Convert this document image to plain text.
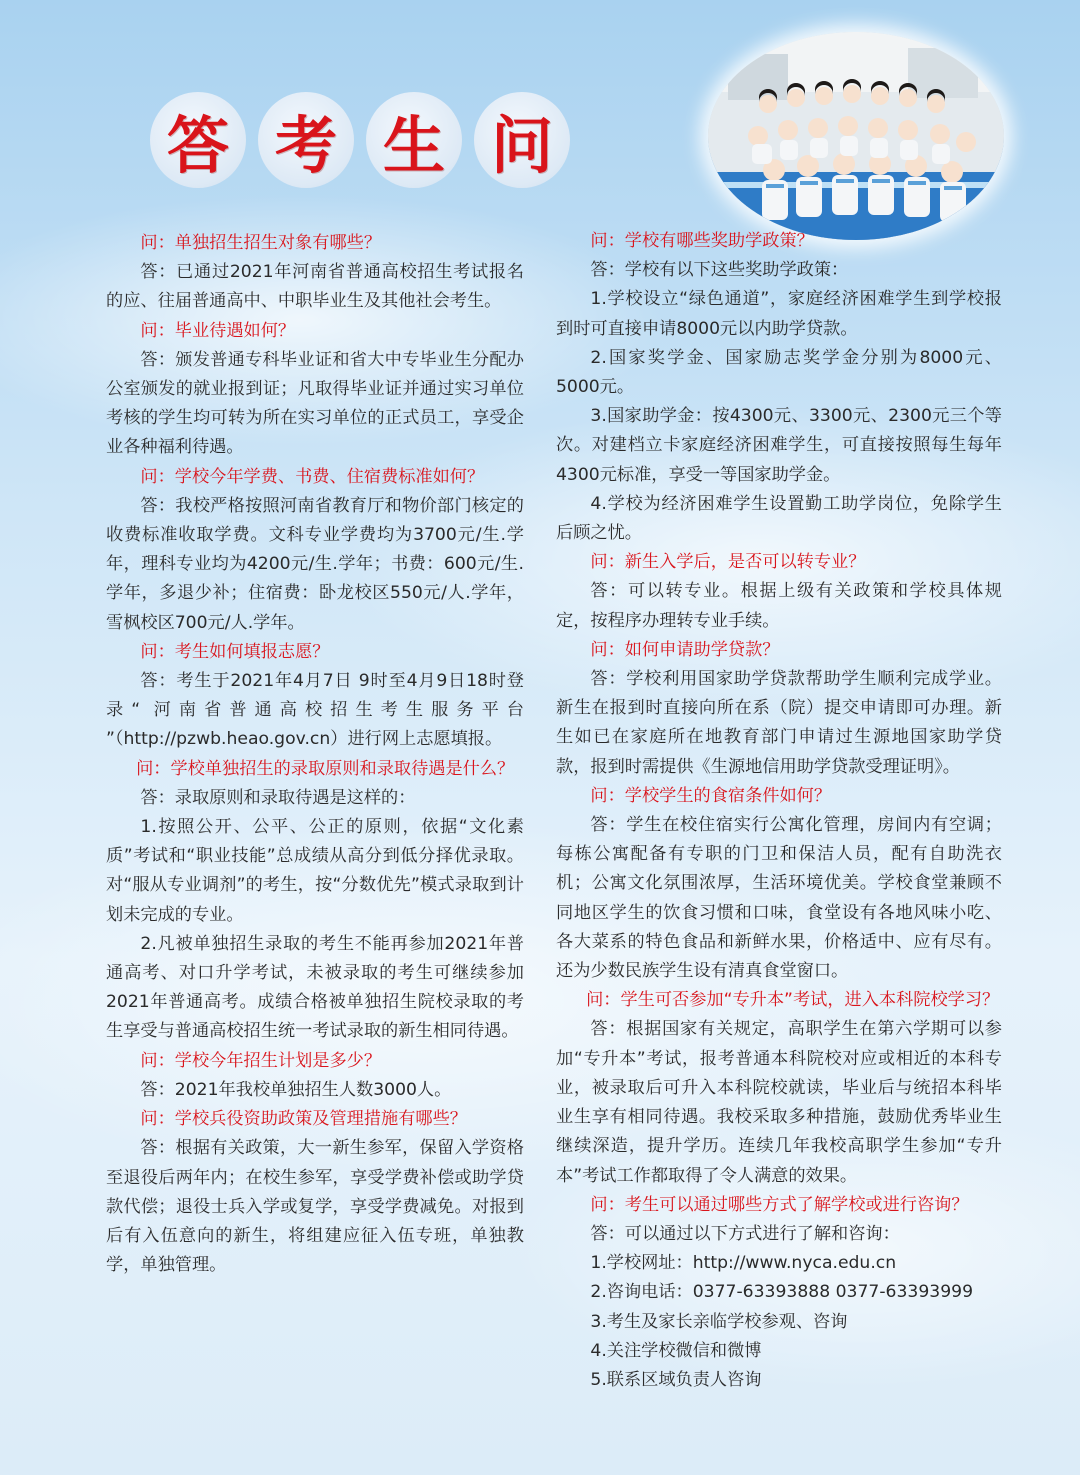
答 考 生 问

问：单独招生招生对象有哪些？

答：已通过2021年河南省普通高校招生考试报名的应、往届普通高中、中职毕业生及其他社会考生。

问：毕业待遇如何？

答：颁发普通专科毕业证和省大中专毕业生分配办公室颁发的就业报到证；凡取得毕业证并通过实习单位考核的学生均可转为所在实习单位的正式员工，享受企业各种福利待遇。

问：学校今年学费、书费、住宿费标准如何？

答：我校严格按照河南省教育厅和物价部门核定的收费标准收取学费。文科专业学费均为3700元/生.学年，理科专业均为4200元/生.学年；书费：600元/生.学年，多退少补；住宿费：卧龙校区550元/人.学年，雪枫校区700元/人.学年。

问：考生如何填报志愿？

答：考生于2021年4月7日 9时至4月9日18时登 录“ 河南省普通高校招生考生服务平台 ”（http://pzwb.heao.gov.cn）进行网上志愿填报。

问：学校单独招生的录取原则和录取待遇是什么？

答：录取原则和录取待遇是这样的：

1.按照公开、公平、公正的原则，依据“文化素质”考试和“职业技能”总成绩从高分到低分择优录取。对“服从专业调剂”的考生，按“分数优先”模式录取到计划未完成的专业。

2.凡被单独招生录取的考生不能再参加2021年普通高考、对口升学考试，未被录取的考生可继续参加2021年普通高考。成绩合格被单独招生院校录取的考生享受与普通高校招生统一考试录取的新生相同待遇。

问：学校今年招生计划是多少？

答：2021年我校单独招生人数3000人。

问：学校兵役资助政策及管理措施有哪些？

答：根据有关政策，大一新生参军，保留入学资格至退役后两年内；在校生参军，享受学费补偿或助学贷款代偿；退役士兵入学或复学，享受学费减免。对报到后有入伍意向的新生，将组建应征入伍专班，单独教学，单独管理。

问：学校有哪些奖助学政策？

答：学校有以下这些奖助学政策：

1.学校设立“绿色通道”，家庭经济困难学生到学校报到时可直接申请8000元以内助学贷款。

2.国家奖学金、国家励志奖学金分别为8000元、5000元。

3.国家助学金：按4300元、3300元、2300元三个等次。对建档立卡家庭经济困难学生，可直接按照每生每年4300元标准，享受一等国家助学金。

4.学校为经济困难学生设置勤工助学岗位，免除学生后顾之忧。

问：新生入学后，是否可以转专业？

答：可以转专业。根据上级有关政策和学校具体规定，按程序办理转专业手续。

问：如何申请助学贷款？

答：学校利用国家助学贷款帮助学生顺利完成学业。新生在报到时直接向所在系（院）提交申请即可办理。新生如已在家庭所在地教育部门申请过生源地国家助学贷款，报到时需提供《生源地信用助学贷款受理证明》。

问：学校学生的食宿条件如何？

答：学生在校住宿实行公寓化管理，房间内有空调；每栋公寓配备有专职的门卫和保洁人员，配有自助洗衣机；公寓文化氛围浓厚，生活环境优美。学校食堂兼顾不同地区学生的饮食习惯和口味，食堂设有各地风味小吃、各大菜系的特色食品和新鲜水果，价格适中、应有尽有。还为少数民族学生设有清真食堂窗口。

问：学生可否参加“专升本”考试，进入本科院校学习？

答：根据国家有关规定，高职学生在第六学期可以参加“专升本”考试，报考普通本科院校对应或相近的本科专业，被录取后可升入本科院校就读，毕业后与统招本科毕业生享有相同待遇。我校采取多种措施，鼓励优秀毕业生继续深造，提升学历。连续几年我校高职学生参加“专升本”考试工作都取得了令人满意的效果。

问：考生可以通过哪些方式了解学校或进行咨询？

答：可以通过以下方式进行了解和咨询：

1.学校网址：http://www.nyca.edu.cn

2.咨询电话：0377-63393888 0377-63393999

3.考生及家长亲临学校参观、咨询

4.关注学校微信和微博

5.联系区域负责人咨询
